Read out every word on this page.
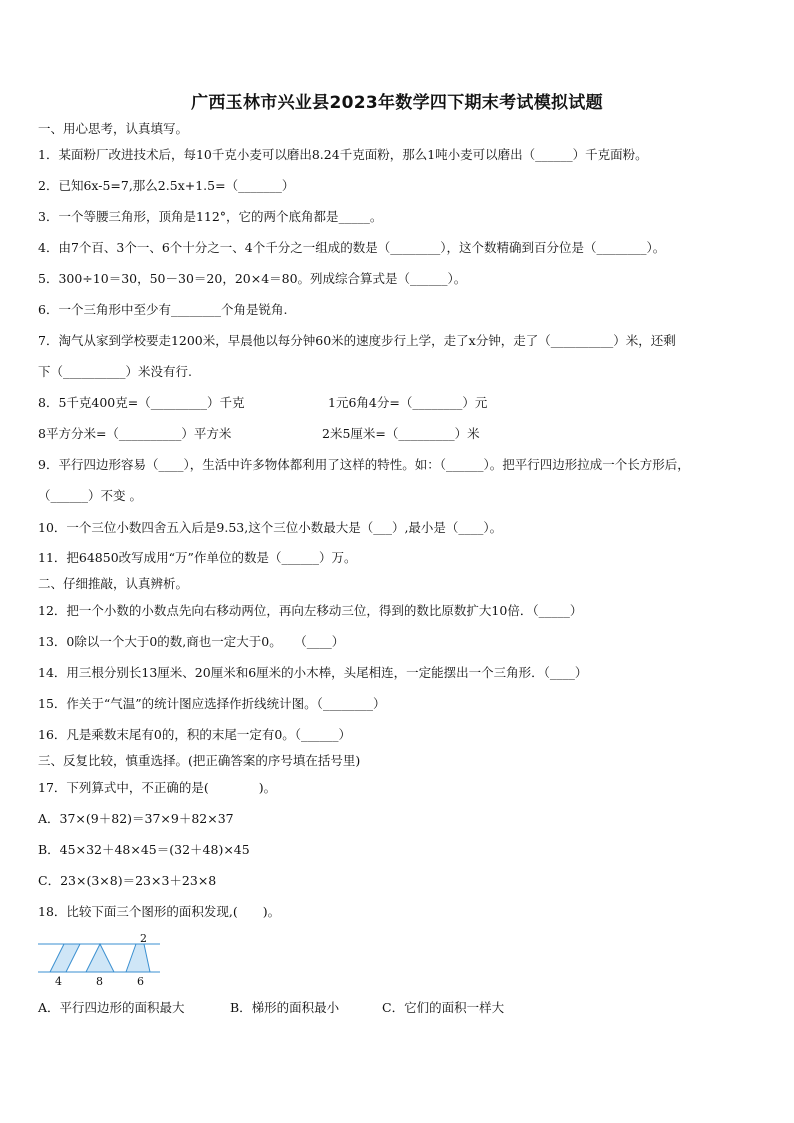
广西玉林市兴业县2023年数学四下期末考试模拟试题
一、用心思考，认真填写。
1．某面粉厂改进技术后，每10千克小麦可以磨出8.24千克面粉，那么1吨小麦可以磨出（______）千克面粉。
2．已知6x-5=7,那么2.5x+1.5=（_______）
3．一个等腰三角形，顶角是112°，它的两个底角都是_____。
4．由7个百、3个一、6个十分之一、4个千分之一组成的数是（________），这个数精确到百分位是（________）。
5．300÷10＝30，50－30＝20，20×4＝80。列成综合算式是（______）。
6．一个三角形中至少有________个角是锐角.
7．淘气从家到学校要走1200米，早晨他以每分钟60米的速度步行上学，走了x分钟，走了（__________）米，还剩
下（__________）米没有行.
8．5千克400克=（_________）千克	1元6角4分=（________）元
8平方分米=（__________）平方米	2米5厘米=（_________）米
9．平行四边形容易（____），生活中许多物体都利用了这样的特性。如：（______）。把平行四边形拉成一个长方形后，
（______）不变 。
10．一个三位小数四舍五入后是9.53,这个三位小数最大是（___）,最小是（____）。
11．把64850改写成用“万”作单位的数是（______）万。
二、仔细推敲，认真辨析。
12．把一个小数的小数点先向右移动两位，再向左移动三位，得到的数比原数扩大10倍．（_____）
13．0除以一个大于0的数,商也一定大于0。　　（____）
14．用三根分别长13厘米、20厘米和6厘米的小木棒，头尾相连，一定能摆出一个三角形．（____）
15．作关于“气温”的统计图应选择作折线统计图。（________）
16．凡是乘数末尾有0的，积的末尾一定有0。（______）
三、反复比较，慎重选择。(把正确答案的序号填在括号里)
17．下列算式中，不正确的是(　　　　)。
A．37×(9＋82)＝37×9＋82×37
B．45×32＋48×45＝(32＋48)×45
C．23×(3×8)＝23×3＋23×8
18．比较下面三个图形的面积发现,(　　)。
2
4	8	6
A．平行四边形的面积最大	B．梯形的面积最小	C．它们的面积一样大
